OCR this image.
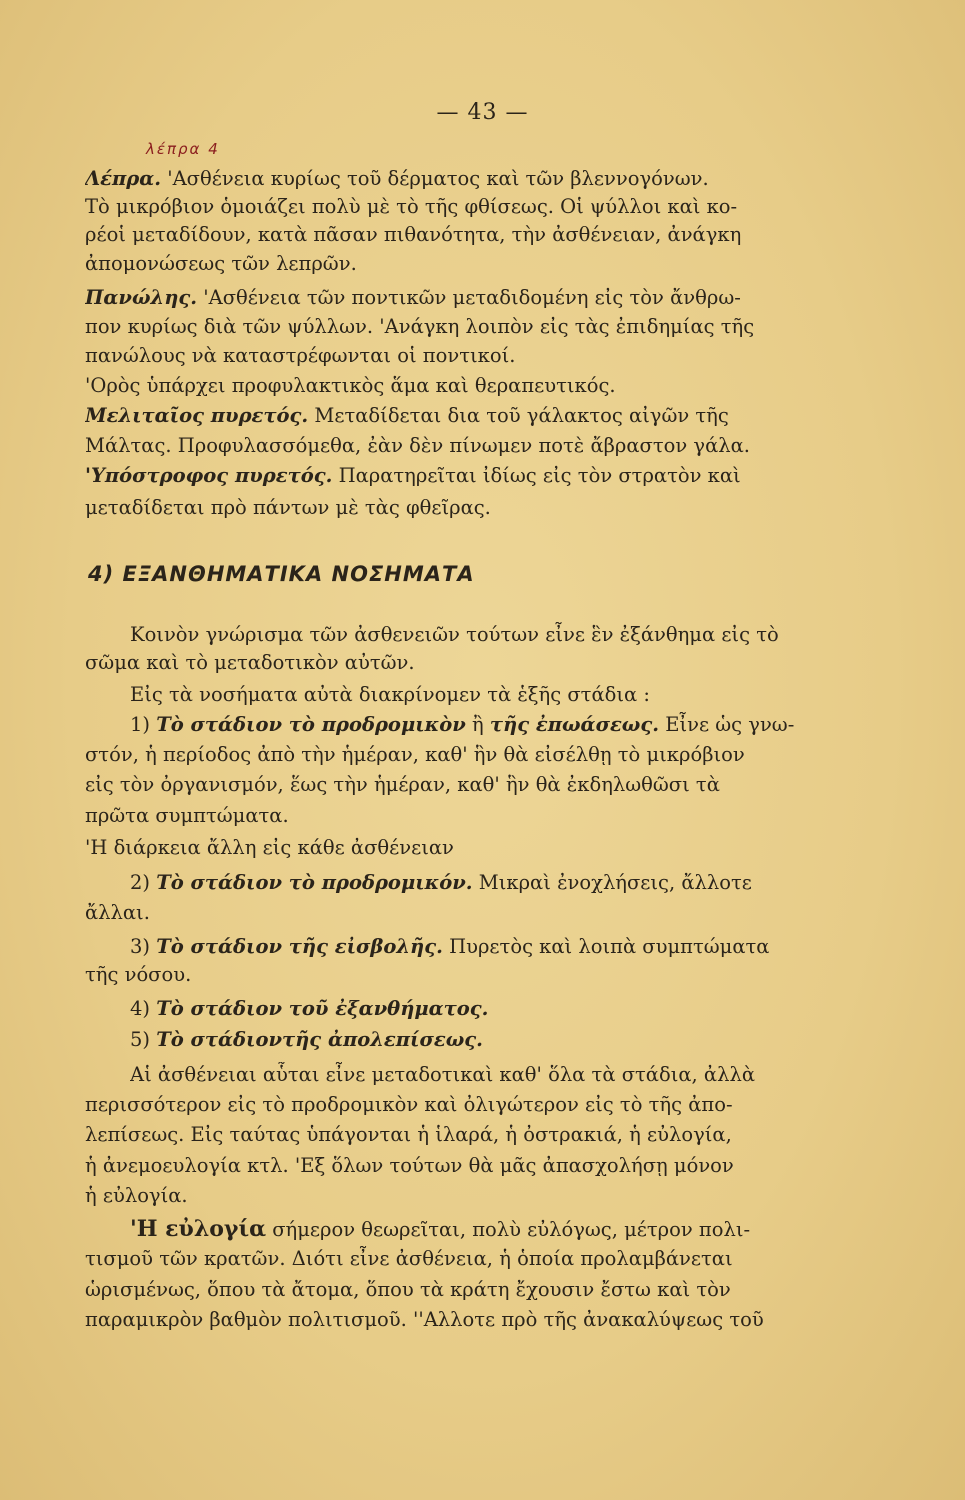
— 43 —
λέπρα 4
Λέπρα. 'Ασθένεια κυρίως τοῦ δέρματος καὶ τῶν βλεννογόνων.
Τὸ μικρόβιον ὁμοιάζει πολὺ μὲ τὸ τῆς φθίσεως. Οἱ ψύλλοι καὶ κο-
ρέοἱ μεταδίδουν, κατὰ πᾶσαν πιθανότητα, τὴν ἀσθένειαν, ἀνάγκη
ἀπομονώσεως τῶν λεπρῶν.
Πανώλης. 'Ασθένεια τῶν ποντικῶν μεταδιδομένη εἰς τὸν ἄνθρω-
πον κυρίως διὰ τῶν ψύλλων. 'Ανάγκη λοιπὸν εἰς τὰς ἐπιδημίας τῆς
πανώλους νὰ καταστρέφωνται οἱ ποντικοί.
'Ορὸς ὑπάρχει προφυλακτικὸς ἅμα καὶ θεραπευτικός.
Μελιταῖος πυρετός. Μεταδίδεται δια τοῦ γάλακτος αἰγῶν τῆς
Μάλτας. Προφυλασσόμεθα, ἐὰν δὲν πίνωμεν ποτὲ ἄβραστον γάλα.
'Υπόστροφος πυρετός. Παρατηρεῖται ἰδίως εἰς τὸν στρατὸν καὶ
μεταδίδεται πρὸ πάντων μὲ τὰς φθεῖρας.
4) ΕΞΑΝΘΗΜΑΤΙΚΑ ΝΟΣΗΜΑΤΑ
Κοινὸν γνώρισμα τῶν ἀσθενειῶν τούτων εἶνε ἓν ἐξάνθημα εἰς τὸ
σῶμα καὶ τὸ μεταδοτικὸν αὐτῶν.
Εἰς τὰ νοσήματα αὐτὰ διακρίνομεν τὰ ἑξῆς στάδια :
1) Τὸ στάδιον τὸ προδρομικὸν ἢ τῆς ἐπωάσεως. Εἶνε ὡς γνω-
στόν, ἡ περίοδος ἀπὸ τὴν ἡμέραν, καθ' ἣν θὰ εἰσέλθῃ τὸ μικρόβιον
εἰς τὸν ὀργανισμόν, ἕως τὴν ἡμέραν, καθ' ἣν θὰ ἐκδηλωθῶσι τὰ
πρῶτα συμπτώματα.
'Η διάρκεια ἄλλη εἰς κάθε ἀσθένειαν
2) Τὸ στάδιον τὸ προδρομικόν. Μικραὶ ἐνοχλήσεις, ἄλλοτε
ἄλλαι.
3) Τὸ στάδιον τῆς εἰσβολῆς. Πυρετὸς καὶ λοιπὰ συμπτώματα
τῆς νόσου.
4) Τὸ στάδιον τοῦ ἐξανθήματος.
5) Τὸ στάδιοντῆς ἀπολεπίσεως.
Αἱ ἀσθένειαι αὗται εἶνε μεταδοτικαὶ καθ' ὅλα τὰ στάδια, ἀλλὰ
περισσότερον εἰς τὸ προδρομικὸν καὶ ὀλιγώτερον εἰς τὸ τῆς ἀπο-
λεπίσεως. Εἰς ταύτας ὑπάγονται ἡ ἱλαρά, ἡ ὀστρακιά, ἡ εὐλογία,
ἡ ἀνεμοευλογία κτλ. 'Εξ ὅλων τούτων θὰ μᾶς ἀπασχολήσῃ μόνον
ἡ εὐλογία.
'Η εὐλογία σήμερον θεωρεῖται, πολὺ εὐλόγως, μέτρον πολι-
τισμοῦ τῶν κρατῶν. Διότι εἶνε ἀσθένεια, ἡ ὁποία προλαμβάνεται
ὡρισμένως, ὅπου τὰ ἄτομα, ὅπου τὰ κράτη ἔχουσιν ἔστω καὶ τὸν
παραμικρὸν βαθμὸν πολιτισμοῦ. ''Αλλοτε πρὸ τῆς ἀνακαλύψεως τοῦ
